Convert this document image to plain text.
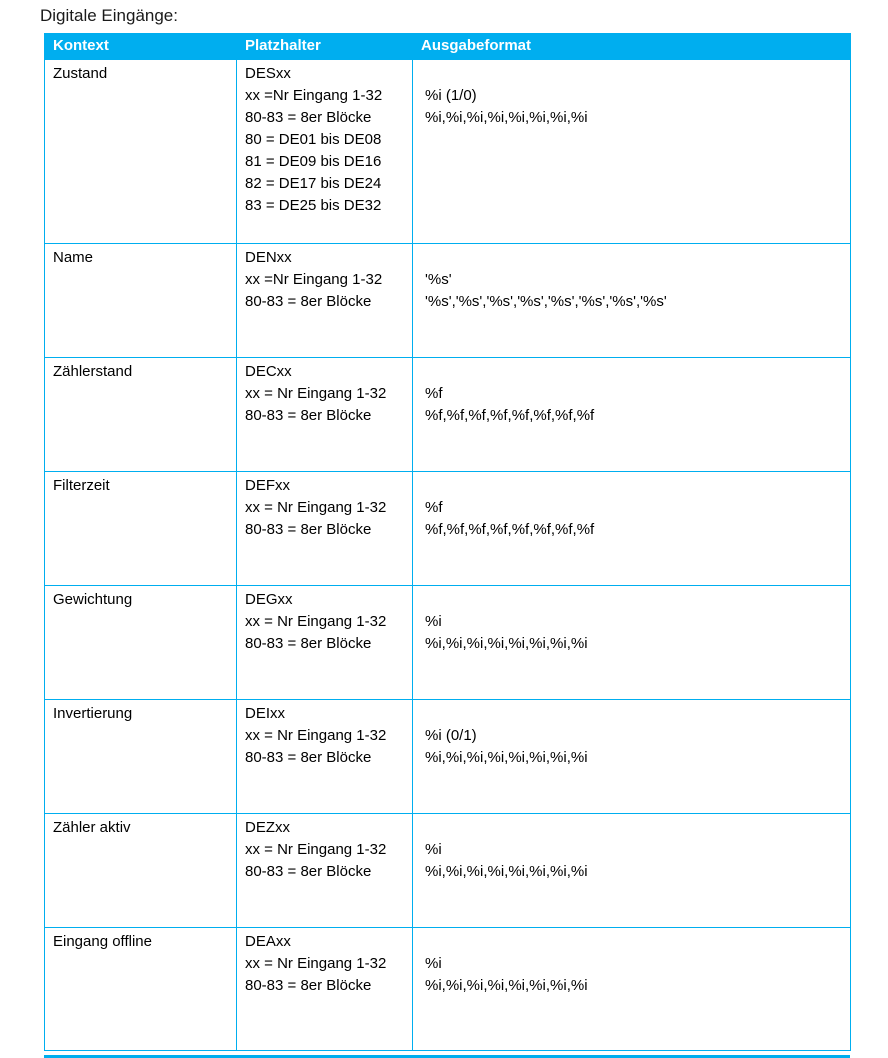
Digitale Eingänge:
Kontext	Platzhalter	Ausgabeformat

Zustand	DESxx
xx =Nr Eingang 1-32
80-83 = 8er Blöcke
80 = DE01 bis DE08
81 = DE09 bis DE16
82 = DE17 bis DE24
83 = DE25 bis DE32

%i (1/0)
%i,%i,%i,%i,%i,%i,%i,%i

Name	DENxx
xx =Nr Eingang 1-32
80-83 = 8er Blöcke

'%s'
'%s','%s','%s','%s','%s','%s','%s','%s'

Zählerstand	DECxx
xx = Nr Eingang 1-32
80-83 = 8er Blöcke

%f
%f,%f,%f,%f,%f,%f,%f,%f

Filterzeit	DEFxx
xx = Nr Eingang 1-32
80-83 = 8er Blöcke

%f
%f,%f,%f,%f,%f,%f,%f,%f

Gewichtung	DEGxx
xx = Nr Eingang 1-32
80-83 = 8er Blöcke

%i
%i,%i,%i,%i,%i,%i,%i,%i

Invertierung	DEIxx
xx = Nr Eingang 1-32
80-83 = 8er Blöcke

%i (0/1)
%i,%i,%i,%i,%i,%i,%i,%i

Zähler aktiv	DEZxx
xx = Nr Eingang 1-32
80-83 = 8er Blöcke

%i
%i,%i,%i,%i,%i,%i,%i,%i

Eingang offline	DEAxx
xx = Nr Eingang 1-32
80-83 = 8er Blöcke

%i
%i,%i,%i,%i,%i,%i,%i,%i
